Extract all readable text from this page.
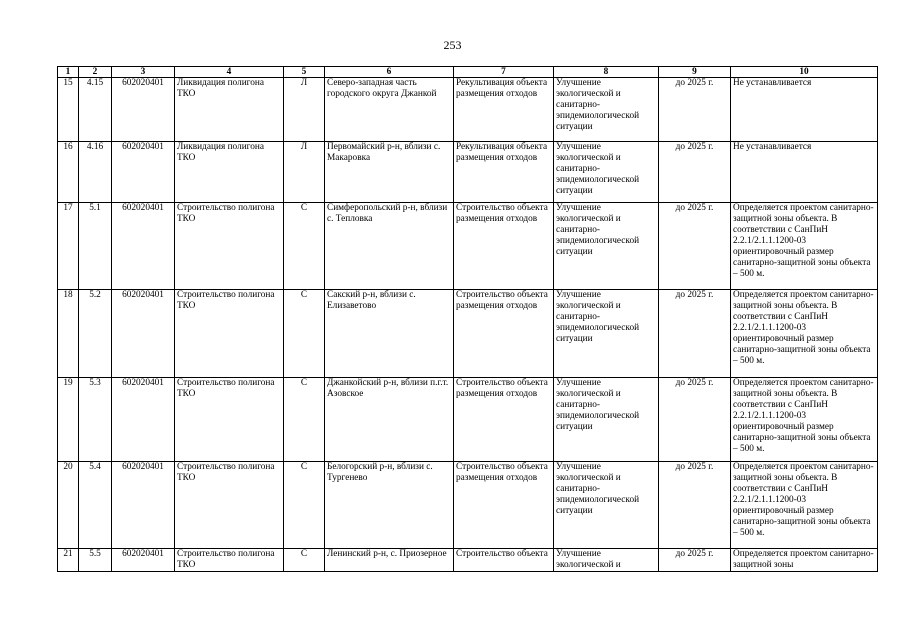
253
1	2	3	4	5	6	7	8	9	10
15	4.15	602020401	Ликвидация полигона ТКО	Л	Северо-западная часть городского округа Джанкой	Рекультивация объекта размещения отходов	Улучшение экологической и санитарно-эпидемиологической ситуации	до 2025 г.	Не устанавливается
16	4.16	602020401	Ликвидация полигона ТКО	Л	Первомайский р-н, вблизи с. Макаровка	Рекультивация объекта размещения отходов	Улучшение экологической и санитарно-эпидемиологической ситуации	до 2025 г.	Не устанавливается
17	5.1	602020401	Строительство полигона ТКО	С	Симферопольский р-н, вблизи с. Тепловка	Строительство объекта размещения отходов	Улучшение экологической и санитарно-эпидемиологической ситуации	до 2025 г.	Определяется проектом санитарно-защитной зоны объекта. В соответствии с СанПиН 2.2.1/2.1.1.1200-03 ориентировочный размер санитарно-защитной зоны объекта – 500 м.
18	5.2	602020401	Строительство полигона ТКО	С	Сакский р-н, вблизи с. Елизаветово	Строительство объекта размещения отходов	Улучшение экологической и санитарно-эпидемиологической ситуации	до 2025 г.	Определяется проектом санитарно-защитной зоны объекта. В соответствии с СанПиН 2.2.1/2.1.1.1200-03 ориентировочный размер санитарно-защитной зоны объекта – 500 м.
19	5.3	602020401	Строительство полигона ТКО	С	Джанкойский р-н, вблизи п.г.т. Азовское	Строительство объекта размещения отходов	Улучшение экологической и санитарно-эпидемиологической ситуации	до 2025 г.	Определяется проектом санитарно-защитной зоны объекта. В соответствии с СанПиН 2.2.1/2.1.1.1200-03 ориентировочный размер санитарно-защитной зоны объекта – 500 м.
20	5.4	602020401	Строительство полигона ТКО	С	Белогорский р-н, вблизи с. Тургенево	Строительство объекта размещения отходов	Улучшение экологической и санитарно-эпидемиологической ситуации	до 2025 г.	Определяется проектом санитарно-защитной зоны объекта. В соответствии с СанПиН 2.2.1/2.1.1.1200-03 ориентировочный размер санитарно-защитной зоны объекта – 500 м.
21	5.5	602020401	Строительство полигона ТКО	С	Ленинский р-н, с. Приозерное	Строительство объекта	Улучшение экологической и	до 2025 г.	Определяется проектом санитарно-защитной зоны
